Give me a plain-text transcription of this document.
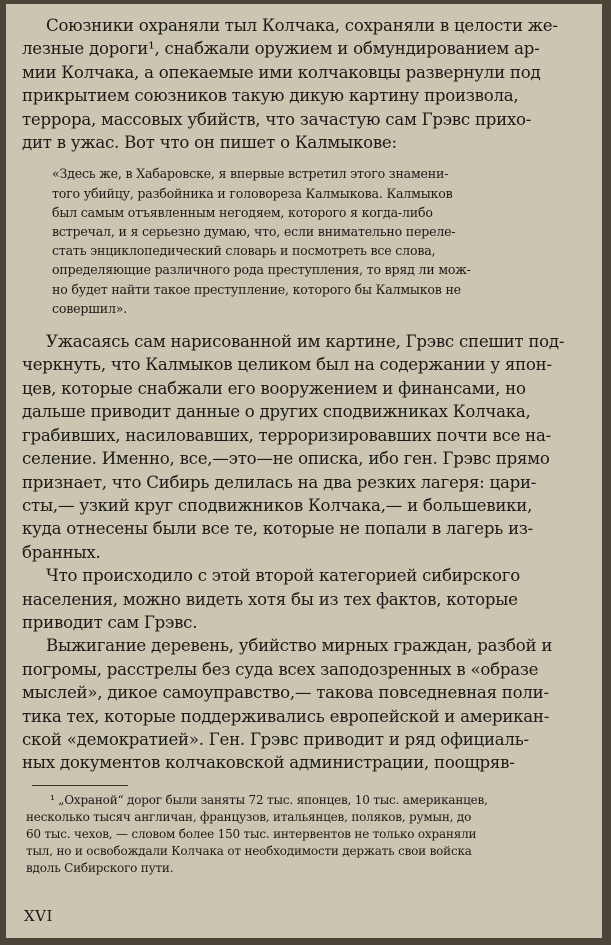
Союзники охраняли тыл Колчака, сохраняли в целости же-
лезные дороги¹, снабжали оружием и обмундированием ар-
мии Колчака, а опекаемые ими колчаковцы развернули под
прикрытием союзников такую дикую картину произвола,
террора, массовых убийств, что зачастую сам Грэвс прихо-
дит в ужас. Вот что он пишет о Калмыкове:

«Здесь же, в Хабаровске, я впервые встретил этого знамени-
того убийцу, разбойника и головореза Калмыкова. Калмыков
был самым отъявленным негодяем, которого я когда-либо
встречал, и я серьезно думаю, что, если внимательно переле-
стать энциклопедический словарь и посмотреть все слова,
определяющие различного рода преступления, то вряд ли мож-
но будет найти такое преступление, которого бы Калмыков не
совершил».

Ужасаясь сам нарисованной им картине, Грэвс спешит под-
черкнуть, что Калмыков целиком был на содержании у япон-
цев, которые снабжали его вооружением и финансами, но
дальше приводит данные о других сподвижниках Колчака,
грабивших, насиловавших, терроризировавших почти все на-
селение. Именно, все,—это—не описка, ибо ген. Грэвс прямо
признает, что Сибирь делилась на два резких лагеря: цари-
сты,— узкий круг сподвижников Колчака,— и большевики,
куда отнесены были все те, которые не попали в лагерь из-
бранных.

Что происходило с этой второй категорией сибирского
населения, можно видеть хотя бы из тех фактов, которые
приводит сам Грэвс.

Выжигание деревень, убийство мирных граждан, разбой и
погромы, расстрелы без суда всех заподозренных в «образе
мыслей», дикое самоуправство,— такова повседневная поли-
тика тех, которые поддерживались европейской и американ-
ской «демократией». Ген. Грэвс приводит и ряд официаль-
ных документов колчаковской администрации, поощряв-

¹ „Охраной“ дорог были заняты 72 тыс. японцев, 10 тыс. американцев,
несколько тысяч англичан, французов, итальянцев, поляков, румын, до
60 тыс. чехов, — словом более 150 тыс. интервентов не только охраняли
тыл, но и освобождали Колчака от необходимости держать свои войска
вдоль Сибирского пути.
XVI
